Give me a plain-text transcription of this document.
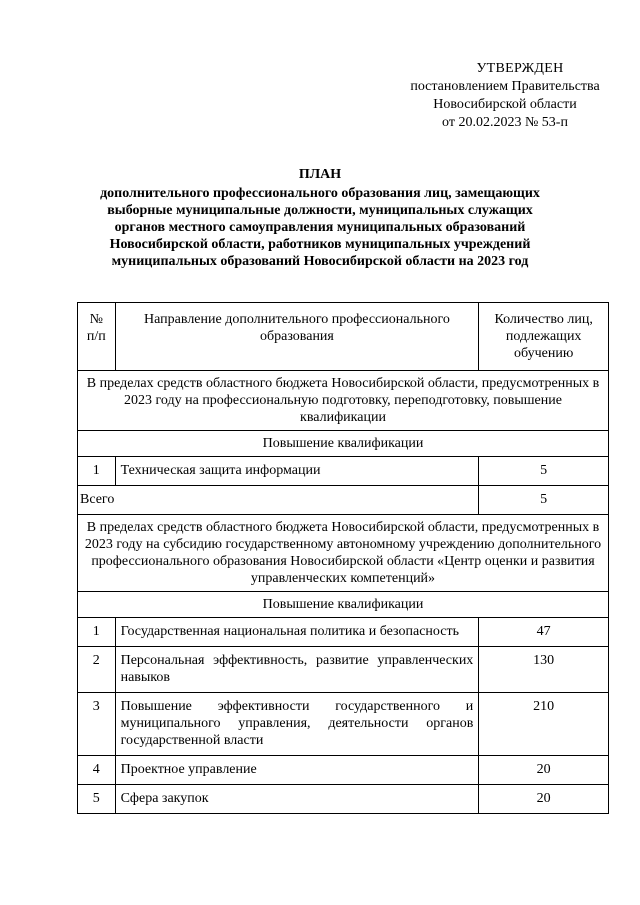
УТВЕРЖДЕН
постановлением Правительства
Новосибирской области
от 20.02.2023 № 53-п
ПЛАН
дополнительного профессионального образования лиц, замещающих
выборные муниципальные должности, муниципальных служащих
органов местного самоуправления муниципальных образований
Новосибирской области, работников муниципальных учреждений
муниципальных образований Новосибирской области на 2023 год
№ п/п	Направление дополнительного профессионального образования	Количество лиц, подлежащих обучению
В пределах средств областного бюджета Новосибирской области, предусмотренных в 2023 году на профессиональную подготовку, переподготовку, повышение квалификации		
Повышение квалификации		
1	Техническая защита информации	5
Всего		5
В пределах средств областного бюджета Новосибирской области, предусмотренных в 2023 году на субсидию государственному автономному учреждению дополнительного профессионального образования Новосибирской области «Центр оценки и развития управленческих компетенций»		
Повышение квалификации		
1	Государственная национальная политика и безопасность	47
2	Персональная эффективность, развитие управленческих навыков	130
3	Повышение эффективности государственного и муниципального управления, деятельности органов государственной власти	210
4	Проектное управление	20
5	Сфера закупок	20
